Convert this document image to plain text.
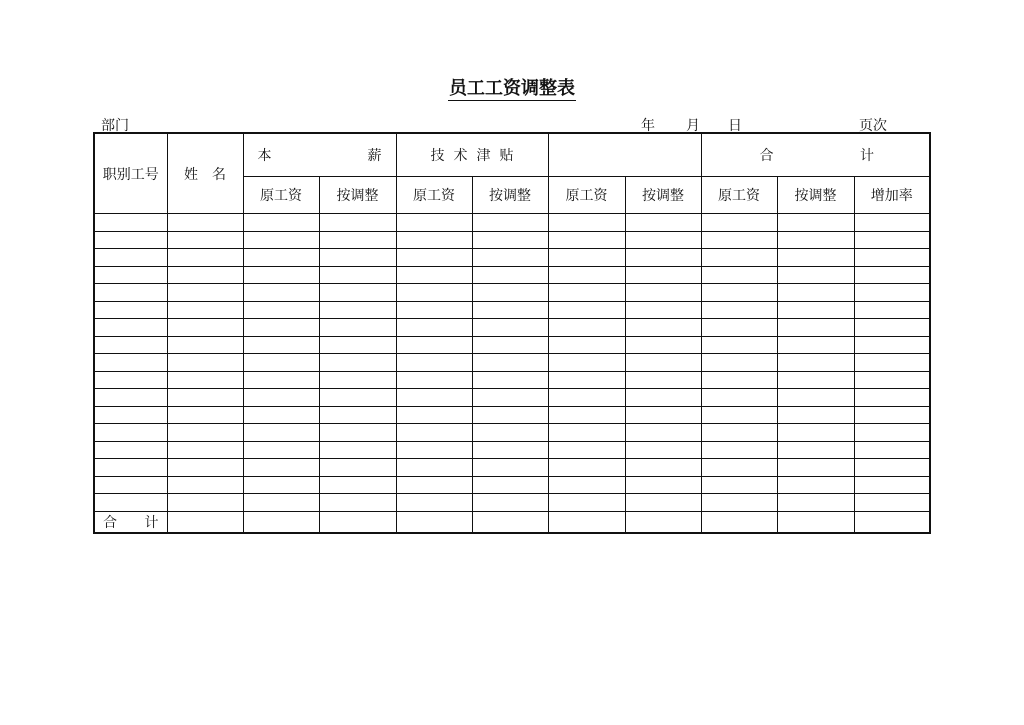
员工工资调整表
部门	年 月 日	页次
职别工号	姓　 名	本 薪		技术津贴				合 计		

		原工资	按调整	原工资	按调整	原工资	按调整	原工资	按调整	增加率

合 计										
